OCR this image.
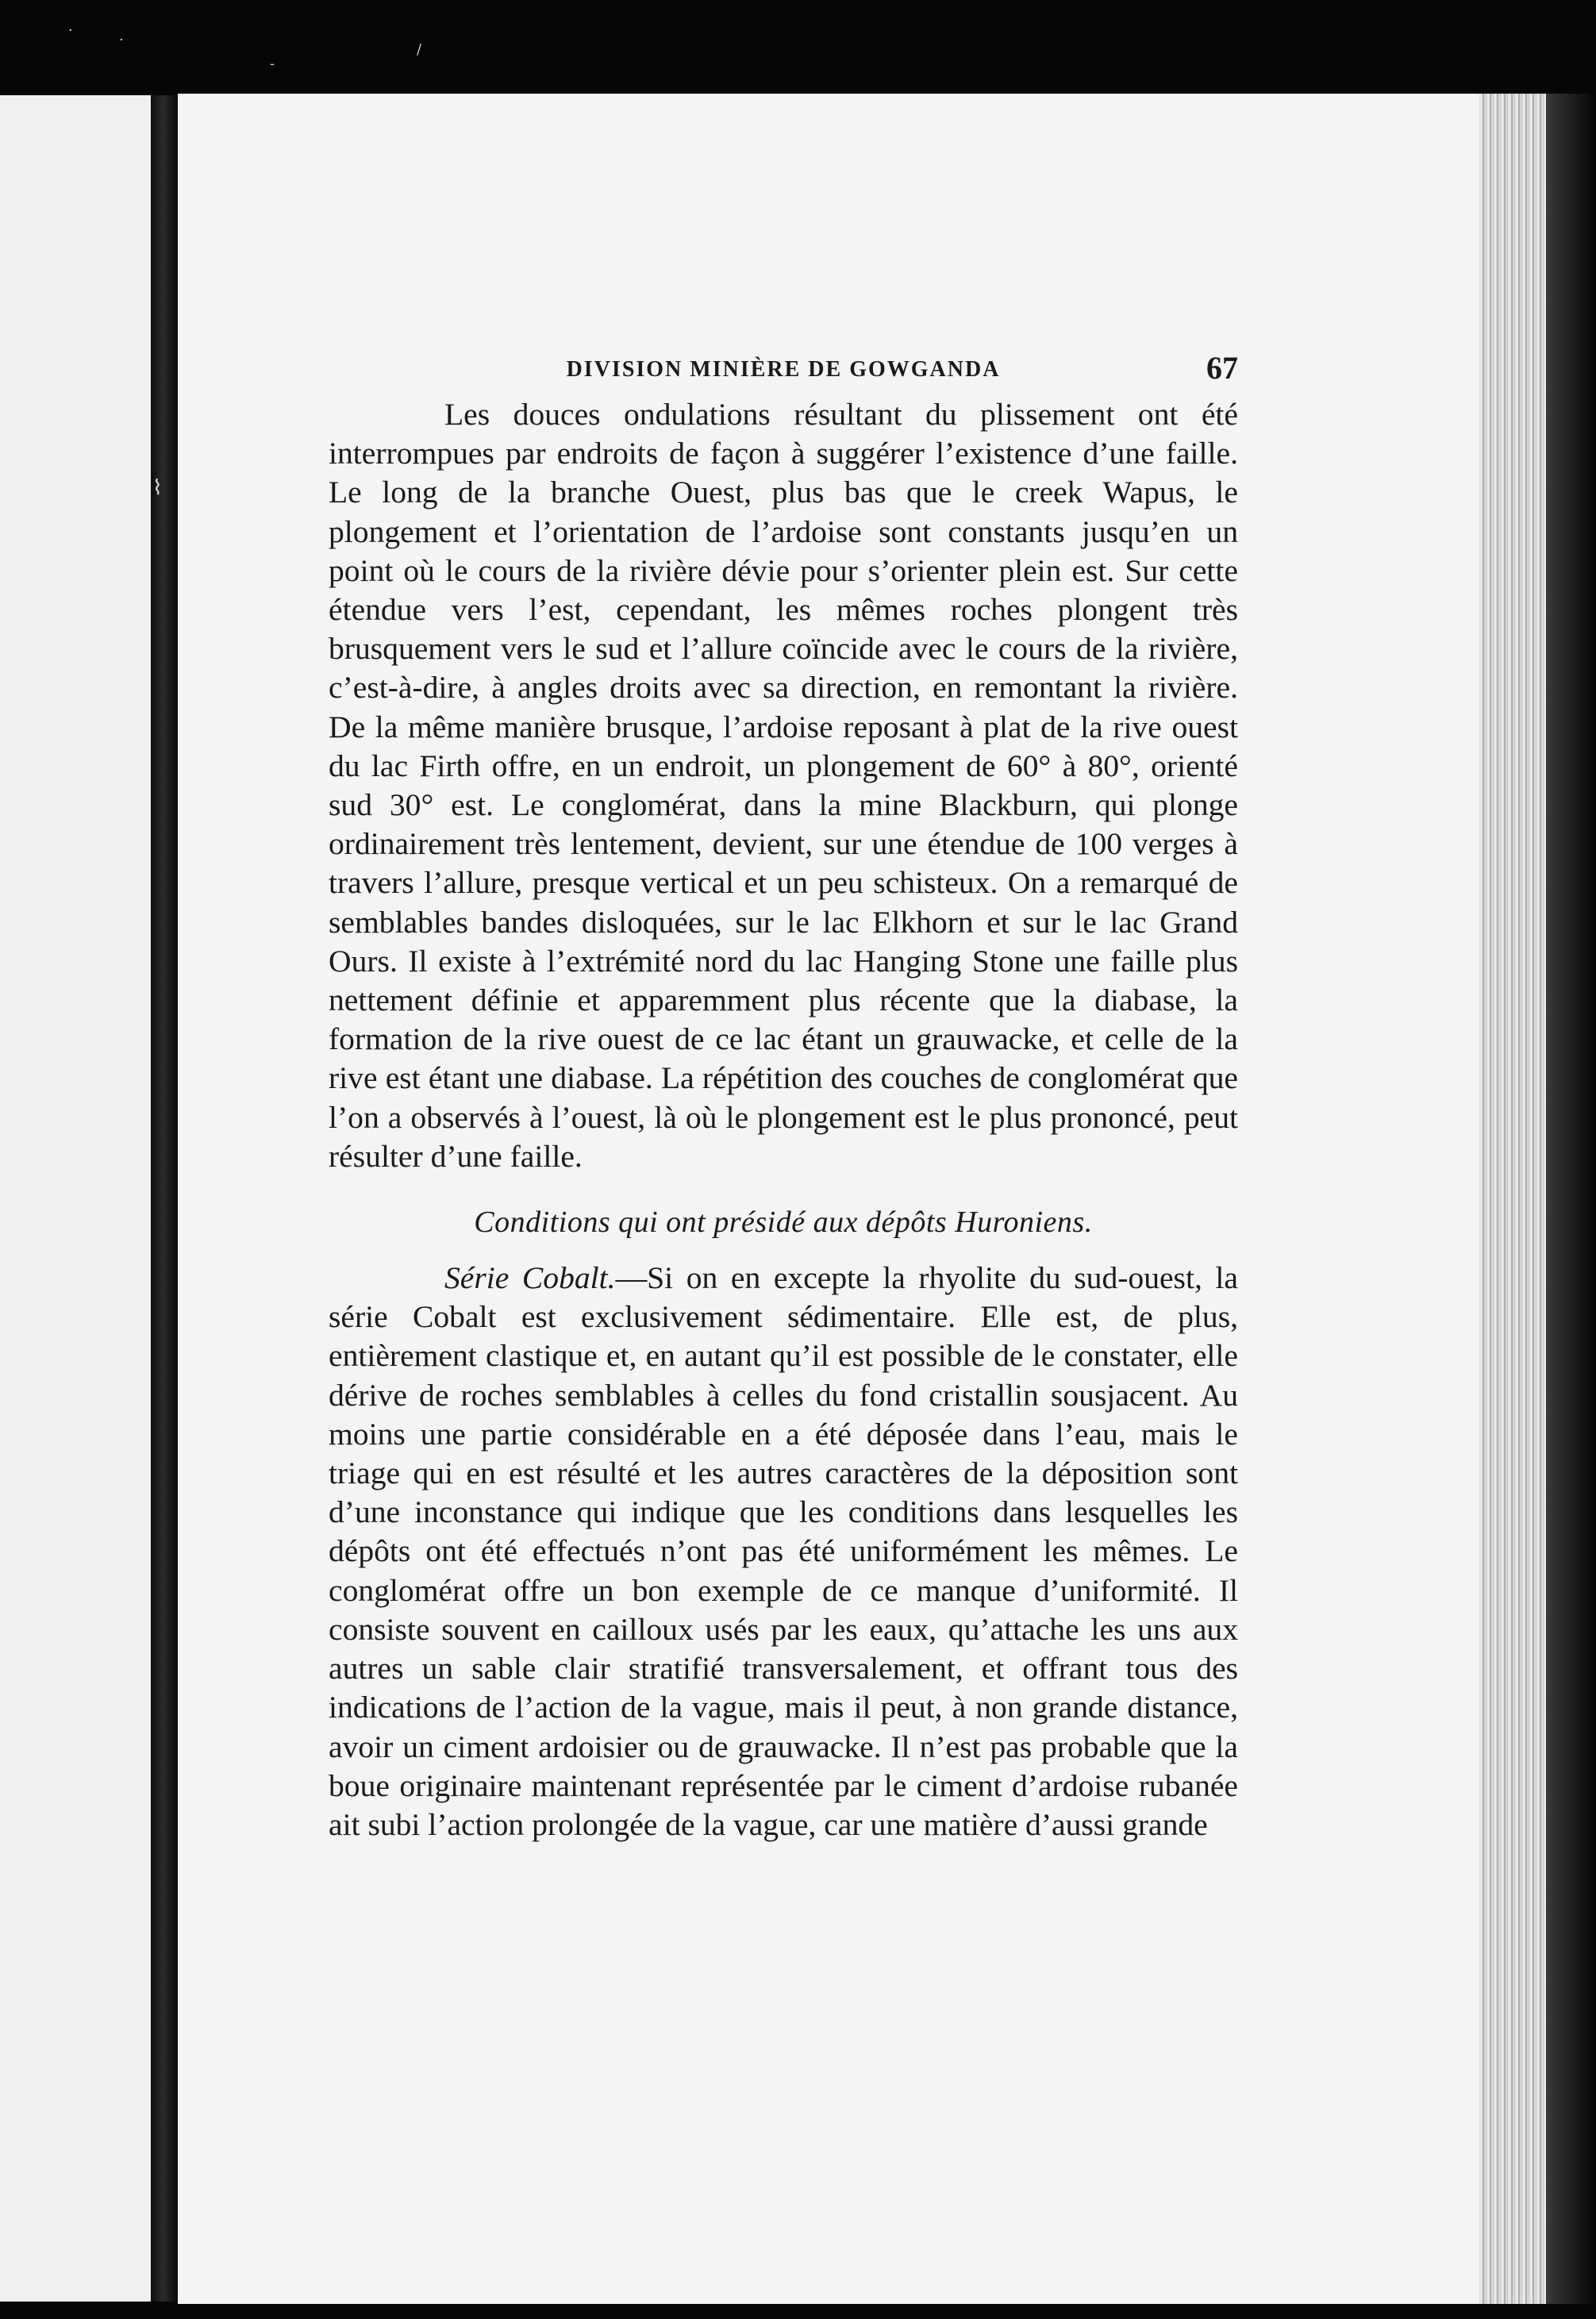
·
·
-
/
⌇
DIVISION MINIÈRE DE GOWGANDA	67

Les douces ondulations résultant du plissement ont été interrompues par endroits de façon à suggérer l’existence d’une faille. Le long de la branche Ouest, plus bas que le creek Wapus, le plongement et l’orientation de l’ardoise sont constants jusqu’en un point où le cours de la rivière dévie pour s’orienter plein est. Sur cette étendue vers l’est, cependant, les mêmes roches plongent très brusquement vers le sud et l’allure coïncide avec le cours de la rivière, c’est-à-dire, à angles droits avec sa direction, en remontant la rivière. De la même manière brusque, l’ardoise reposant à plat de la rive ouest du lac Firth offre, en un endroit, un plongement de 60° à 80°, orienté sud 30° est. Le conglomérat, dans la mine Blackburn, qui plonge ordinairement très lentement, devient, sur une étendue de 100 verges à travers l’allure, presque vertical et un peu schisteux. On a remarqué de semblables bandes disloquées, sur le lac Elkhorn et sur le lac Grand Ours. Il existe à l’extrémité nord du lac Hanging Stone une faille plus nettement définie et apparemment plus récente que la diabase, la formation de la rive ouest de ce lac étant un grauwacke, et celle de la rive est étant une diabase. La répétition des couches de conglomérat que l’on a observés à l’ouest, là où le plongement est le plus prononcé, peut résulter d’une faille.

Conditions qui ont présidé aux dépôts Huroniens.

Série Cobalt.—Si on en excepte la rhyolite du sud-ouest, la série Cobalt est exclusivement sédimentaire. Elle est, de plus, entièrement clastique et, en autant qu’il est possible de le constater, elle dérive de roches semblables à celles du fond cristallin sousjacent. Au moins une partie considérable en a été déposée dans l’eau, mais le triage qui en est résulté et les autres caractères de la déposition sont d’une inconstance qui indique que les conditions dans lesquelles les dépôts ont été effectués n’ont pas été uniformément les mêmes. Le conglomérat offre un bon exemple de ce manque d’uniformité. Il consiste souvent en cailloux usés par les eaux, qu’attache les uns aux autres un sable clair stratifié transversalement, et offrant tous des indications de l’action de la vague, mais il peut, à non grande distance, avoir un ciment ardoisier ou de grauwacke. Il n’est pas probable que la boue originaire maintenant représentée par le ciment d’ardoise rubanée ait subi l’action prolongée de la vague, car une matière d’aussi grande
